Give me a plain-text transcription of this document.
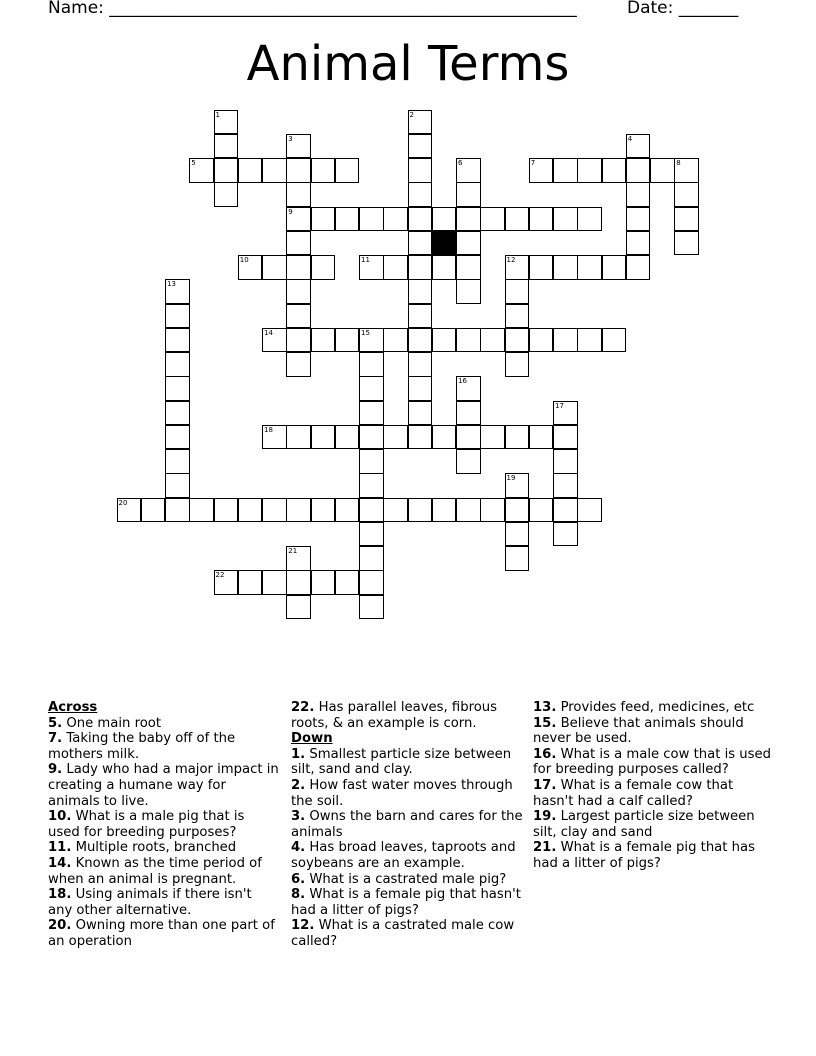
Name: _______________________________________________________	Date: _______
Animal Terms
1	2
3
9
4
5	6	7	8
10	11	12
13
14	15
16
17
18
19
20
21
22
Across
5. One main root
7. Taking the baby off of the mothers milk.
9. Lady who had a major impact in creating a humane way for animals to live.
10. What is a male pig that is used for breeding purposes?
11. Multiple roots, branched
14. Known as the time period of when an animal is pregnant.
18. Using animals if there isn't any other alternative.
20. Owning more than one part of an operation
22. Has parallel leaves, fibrous roots, & an example is corn.
Down
1. Smallest particle size between silt, sand and clay.
2. How fast water moves through the soil.
3. Owns the barn and cares for the animals
4. Has broad leaves, taproots and soybeans are an example.
6. What is a castrated male pig?
8. What is a female pig that hasn't had a litter of pigs?
12. What is a castrated male cow called?
13. Provides feed, medicines, etc
15. Believe that animals should never be used.
16. What is a male cow that is used for breeding purposes called?
17. What is a female cow that hasn't had a calf called?
19. Largest particle size between silt, clay and sand
21. What is a female pig that has had a litter of pigs?
